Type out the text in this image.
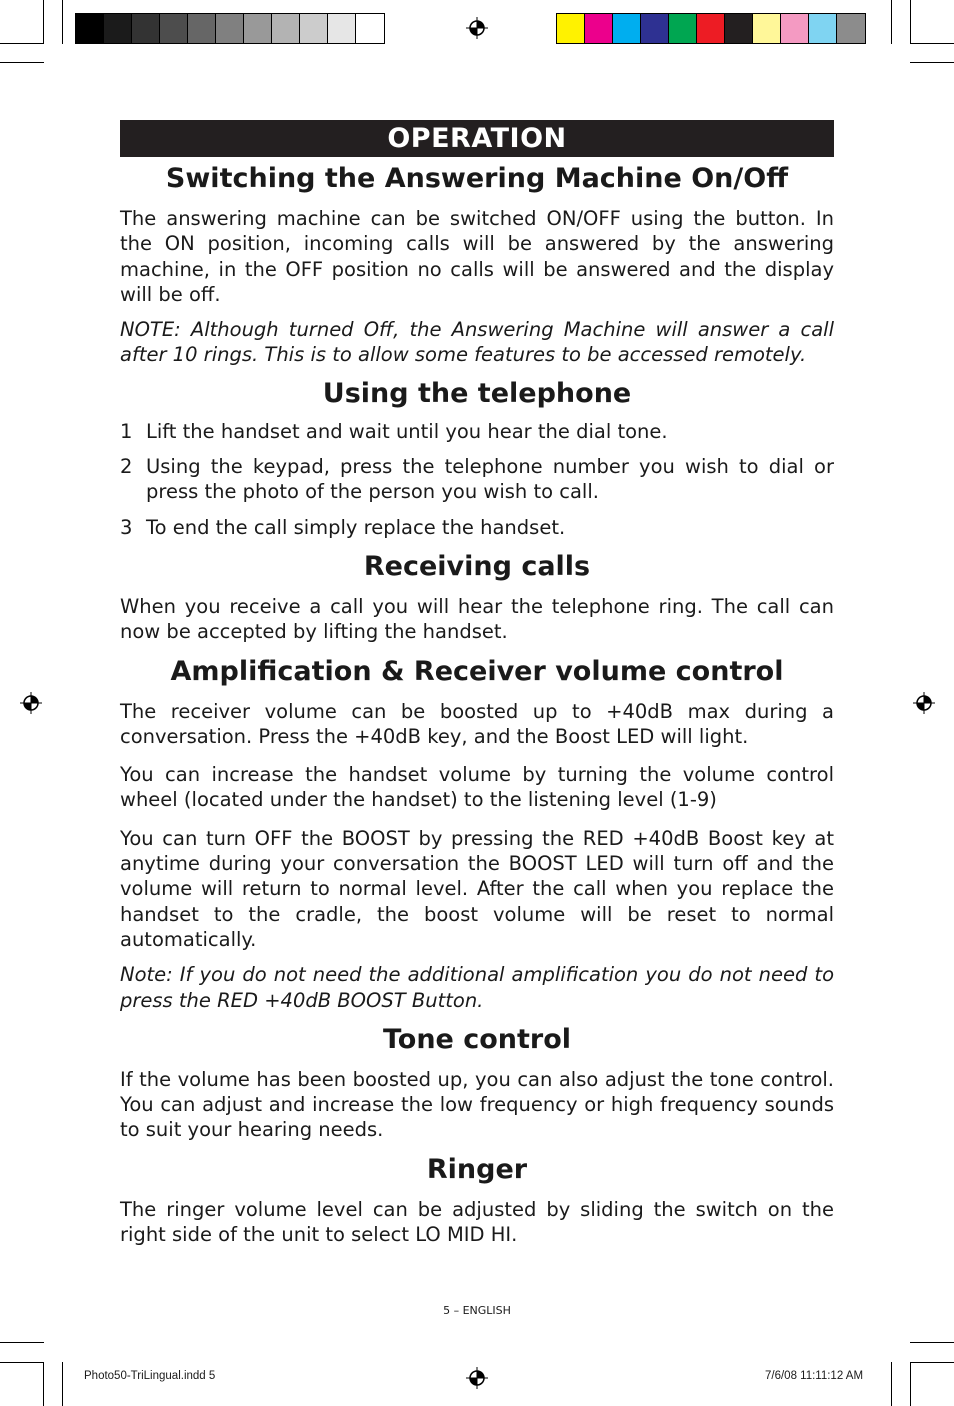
OPERATION
Switching the Answering Machine On/Off

The answering machine can be switched ON/OFF using the button. In the ON position, incoming calls will be answered by the answering machine, in the OFF position no calls will be answered and the display will be off.

NOTE: Although turned Off, the Answering Machine will answer a call after 10 rings. This is to allow some features to be accessed remotely.

Using the telephone
1 Lift the handset and wait until you hear the dial tone.
2 Using the keypad, press the telephone number you wish to dial or press the photo of the person you wish to call.
3 To end the call simply replace the handset.
Receiving calls

When you receive a call you will hear the telephone ring. The call can now be accepted by lifting the handset.

Amplification & Receiver volume control

The receiver volume can be boosted up to +40dB max during a conversation. Press the +40dB key, and the Boost LED will light.

You can increase the handset volume by turning the volume control wheel (located under the handset) to the listening level (1-9)

You can turn OFF the BOOST by pressing the RED +40dB Boost key at anytime during your conversation the BOOST LED will turn off and the volume will return to normal level. After the call when you replace the handset to the cradle, the boost volume will be reset to normal automatically.

Note: If you do not need the additional amplification you do not need to press the RED +40dB BOOST Button.

Tone control

If the volume has been boosted up, you can also adjust the tone control. You can adjust and increase the low frequency or high frequency sounds to suit your hearing needs.

Ringer

The ringer volume level can be adjusted by sliding the switch on the right side of the unit to select LO MID HI.

5 – ENGLISH
Photo50-TriLingual.indd 5	7/6/08 11:11:12 AM
